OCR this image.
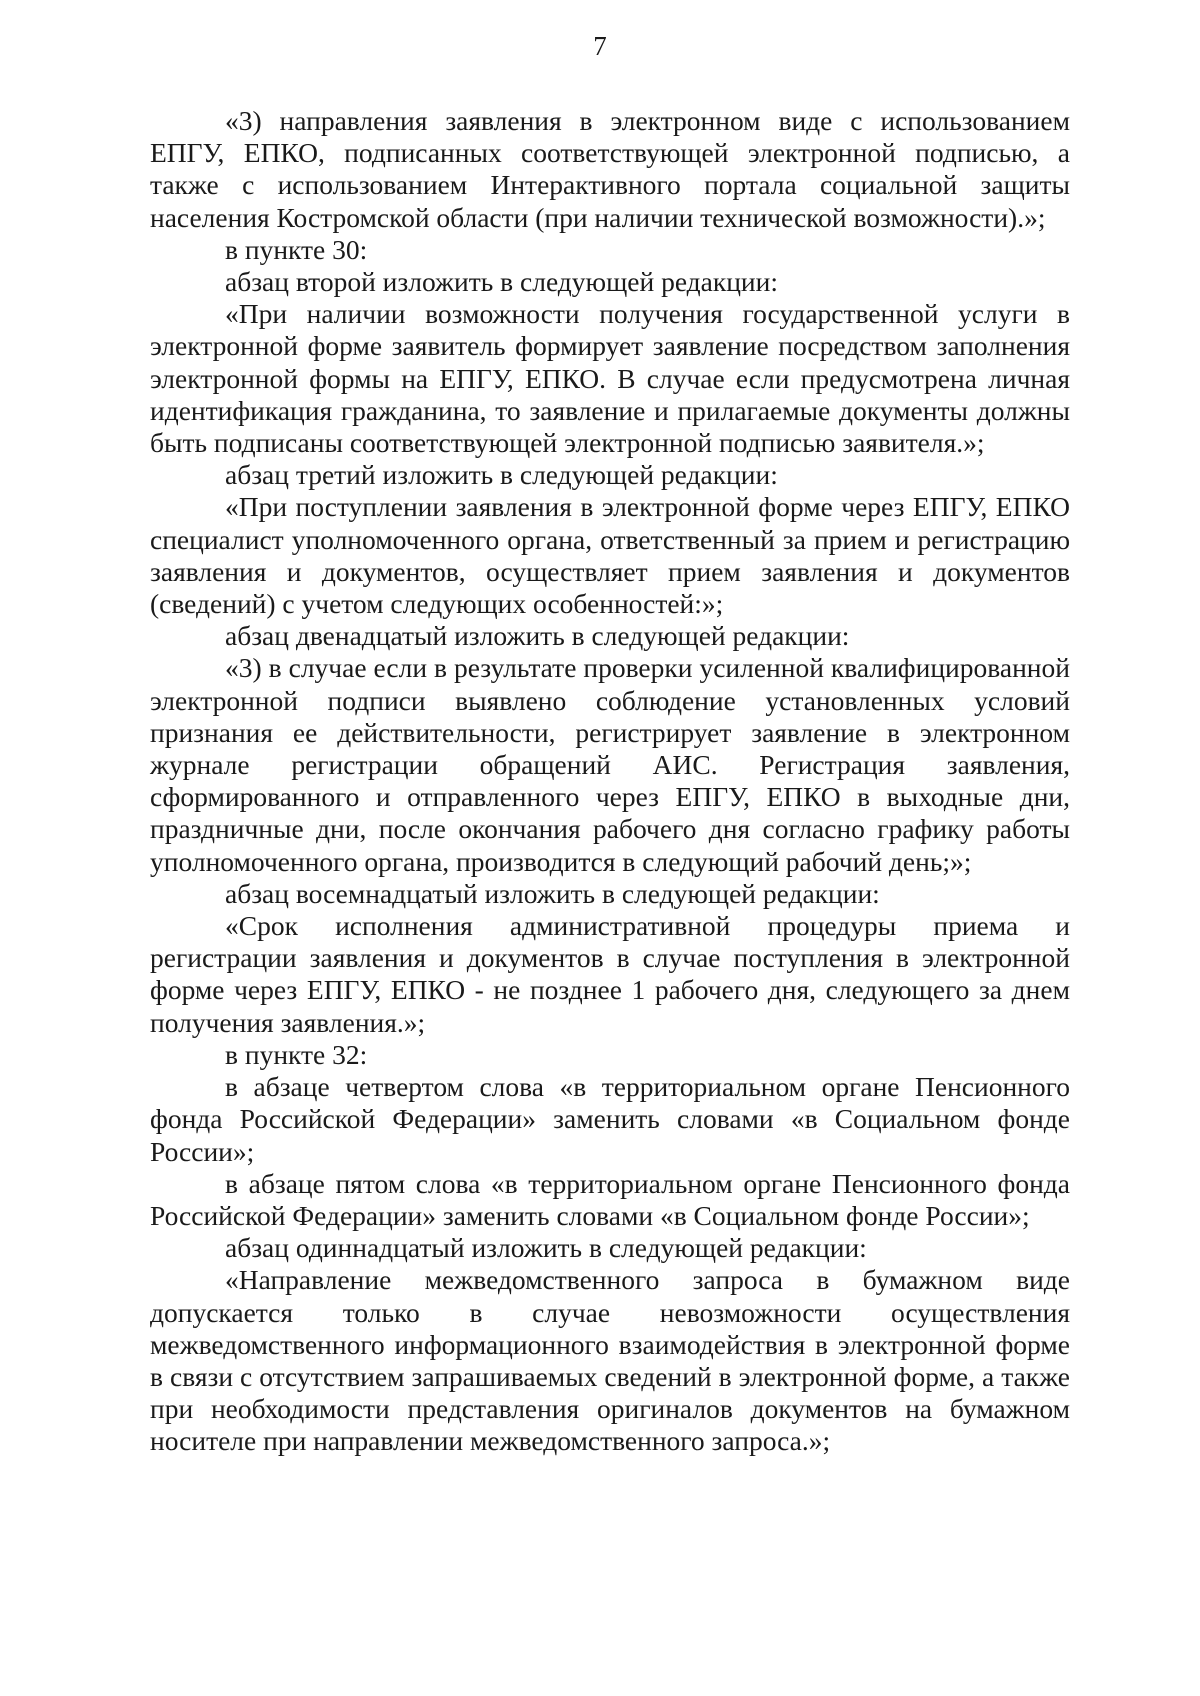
7

«3) направления заявления в электронном виде с использованием ЕПГУ, ЕПКО, подписанных соответствующей электронной подписью, а также с использованием Интерактивного портала социальной защиты населения Костромской области (при наличии технической возможности).»;

в пункте 30:

абзац второй изложить в следующей редакции:

«При наличии возможности получения государственной услуги в электронной форме заявитель формирует заявление посредством заполнения электронной формы на ЕПГУ, ЕПКО. В случае если предусмотрена личная идентификация гражданина, то заявление и прилагаемые документы должны быть подписаны соответствующей электронной подписью заявителя.»;

абзац третий изложить в следующей редакции:

«При поступлении заявления в электронной форме через ЕПГУ, ЕПКО специалист уполномоченного органа, ответственный за прием и регистрацию заявления и документов, осуществляет прием заявления и документов (сведений) с учетом следующих особенностей:»;

абзац двенадцатый изложить в следующей редакции:

«3) в случае если в результате проверки усиленной квалифицированной электронной подписи выявлено соблюдение установленных условий признания ее действительности, регистрирует заявление в электронном журнале регистрации обращений АИС. Регистрация заявления, сформированного и отправленного через ЕПГУ, ЕПКО в выходные дни, праздничные дни, после окончания рабочего дня согласно графику работы уполномоченного органа, производится в следующий рабочий день;»;

абзац восемнадцатый изложить в следующей редакции:

«Срок исполнения административной процедуры приема и регистрации заявления и документов в случае поступления в электронной форме через ЕПГУ, ЕПКО - не позднее 1 рабочего дня, следующего за днем получения заявления.»;

в пункте 32:

в абзаце четвертом слова «в территориальном органе Пенсионного фонда Российской Федерации» заменить словами «в Социальном фонде России»;

в абзаце пятом слова «в территориальном органе Пенсионного фонда Российской Федерации» заменить словами «в Социальном фонде России»;

абзац одиннадцатый изложить в следующей редакции:

«Направление межведомственного запроса в бумажном виде допускается только в случае невозможности осуществления межведомственного информационного взаимодействия в электронной форме в связи с отсутствием запрашиваемых сведений в электронной форме, а также при необходимости представления оригиналов документов на бумажном носителе при направлении межведомственного запроса.»;
